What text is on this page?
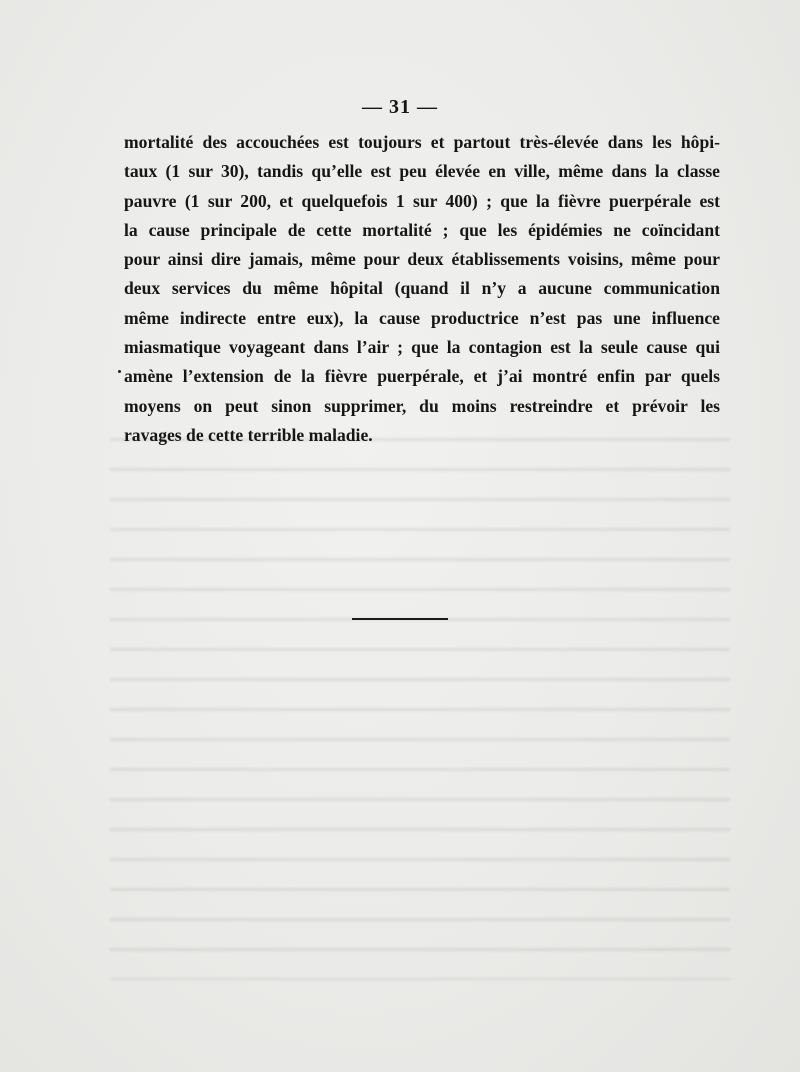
— 31 —
mortalité des accouchées est toujours et partout très-élevée dans les hôpi-
taux (1 sur 30), tandis qu’elle est peu élevée en ville, même dans la classe
pauvre (1 sur 200, et quelquefois 1 sur 400) ; que la fièvre puerpérale est
la cause principale de cette mortalité ; que les épidémies ne coïncidant
pour ainsi dire jamais, même pour deux établissements voisins, même pour
deux services du même hôpital (quand il n’y a aucune communication
même indirecte entre eux), la cause productrice n’est pas une influence
miasmatique voyageant dans l’air ; que la contagion est la seule cause qui
amène l’extension de la fièvre puerpérale, et j’ai montré enfin par quels
moyens on peut sinon supprimer, du moins restreindre et prévoir les
ravages de cette terrible maladie.
